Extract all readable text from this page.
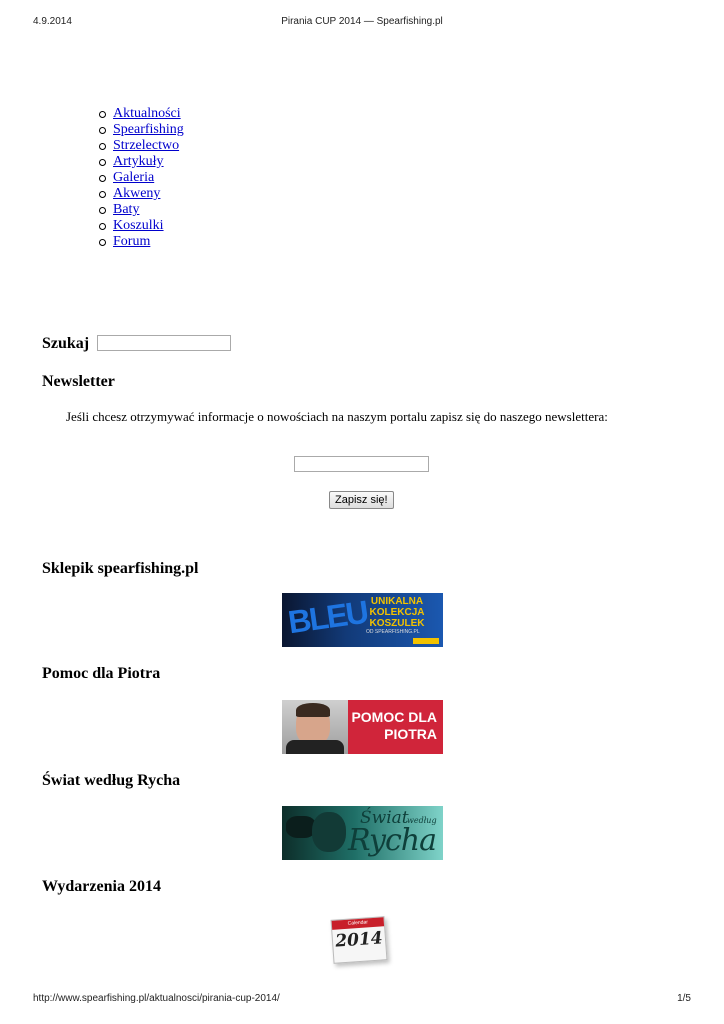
4.9.2014	Pirania CUP 2014 — Spearfishing.pl
Aktualności
Spearfishing
Strzelectwo
Artykuły
Galeria
Akweny
Baty
Koszulki
Forum
Szukaj
Newsletter
Jeśli chcesz otrzymywać informacje o nowościach na naszym portalu zapisz się do naszego newslettera:
Zapisz się!
Sklepik spearfishing.pl
BLEU UNIKALNA
KOLEKCJA
KOSZULEK
OD SPEARFISHING.PL
Pomoc dla Piotra
POMOC DLA
PIOTRA
Świat według Rycha
Świat
według
Rycha
Wydarzenia 2014
Calendar
2014
http://www.spearfishing.pl/aktualnosci/pirania-cup-2014/	1/5
